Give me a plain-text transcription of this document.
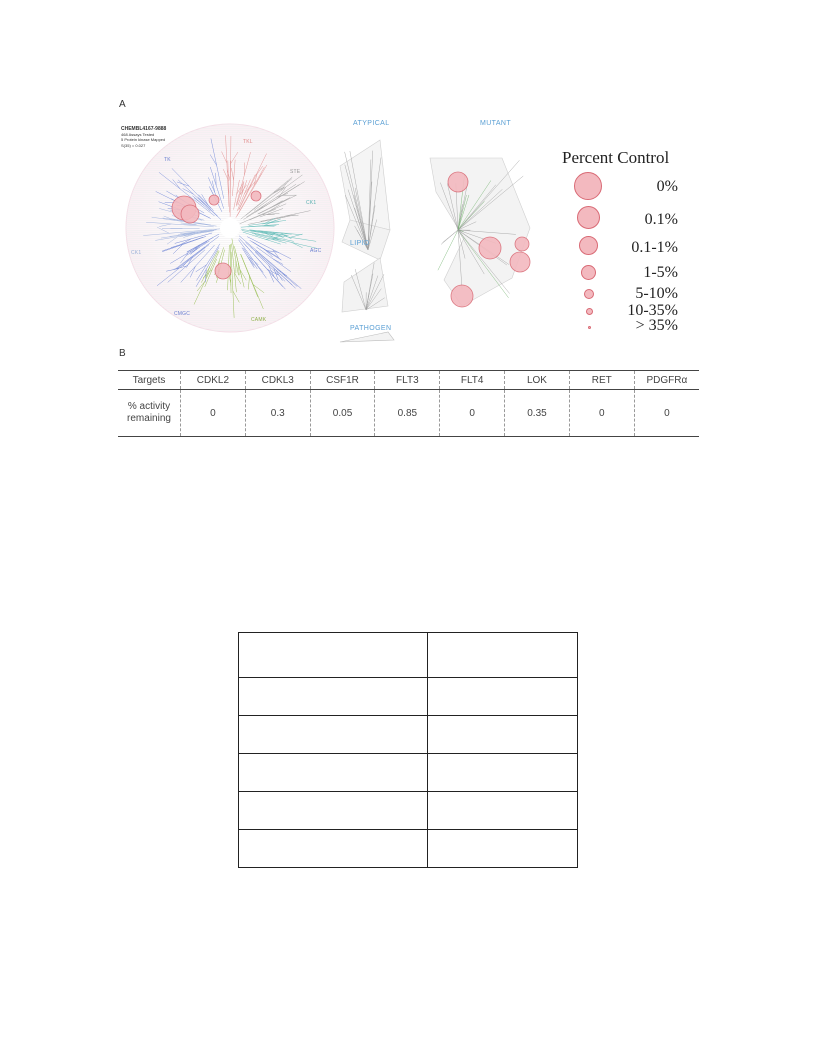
A
B
CHEMBL4167-9888
468 Assays Tested
5 Protein kinase Mapped
S(35) = 0.027
TKL
STE
CK1
AGC
CAMK
CMGC
CK1
TK
ATYPICAL	MUTANT
LIPID
PATHOGEN
Percent Control
0%
0.1%
0.1-1%
1-5%
5-10%
10-35%
> 35%
Targets	CDKL2	CDKL3	CSF1R	FLT3	FLT4	LOK	RET	PDGFRα

% activity
remaining	0	0.3	0.05	0.85	0	0.35	0	0
